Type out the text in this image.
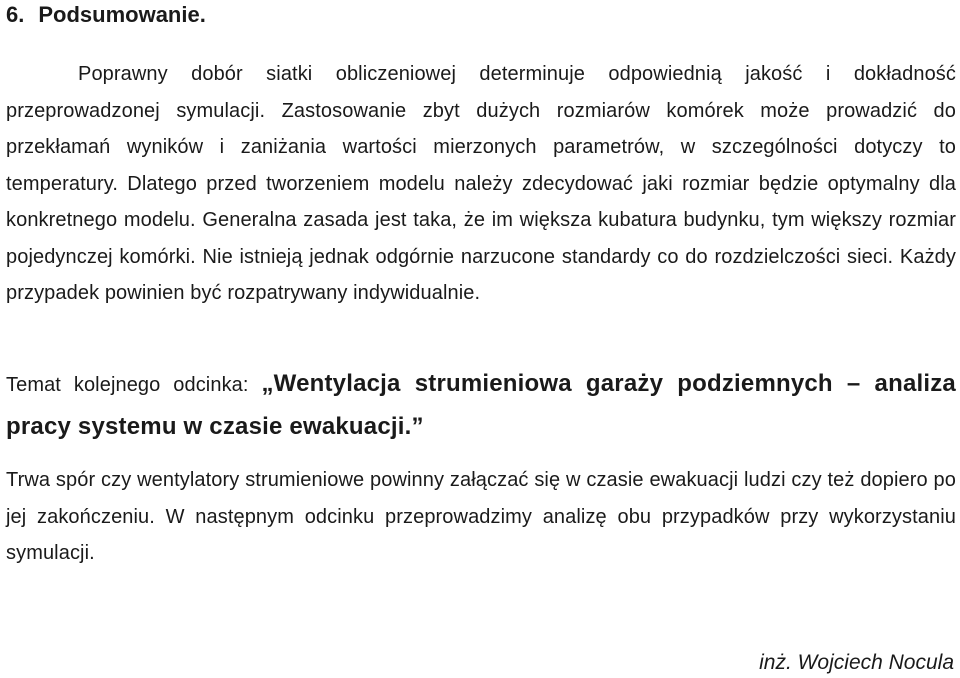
6. Podsumowanie.

Poprawny dobór siatki obliczeniowej determinuje odpowiednią jakość i dokładność przeprowadzonej symulacji. Zastosowanie zbyt dużych rozmiarów komórek może prowadzić do przekłamań wyników i zaniżania wartości mierzonych parametrów, w szczególności dotyczy to temperatury. Dlatego przed tworzeniem modelu należy zdecydować jaki rozmiar będzie optymalny dla konkretnego modelu. Generalna zasada jest taka, że im większa kubatura budynku, tym większy rozmiar pojedynczej komórki. Nie istnieją jednak odgórnie narzucone standardy co do rozdzielczości sieci. Każdy przypadek powinien być rozpatrywany indywidualnie.

Temat kolejnego odcinka: „Wentylacja strumieniowa garaży podziemnych – analiza pracy systemu w czasie ewakuacji.”

Trwa spór czy wentylatory strumieniowe powinny załączać się w czasie ewakuacji ludzi czy też dopiero po jej zakończeniu. W następnym odcinku przeprowadzimy analizę obu przypadków przy wykorzystaniu symulacji.

inż. Wojciech Nocula
